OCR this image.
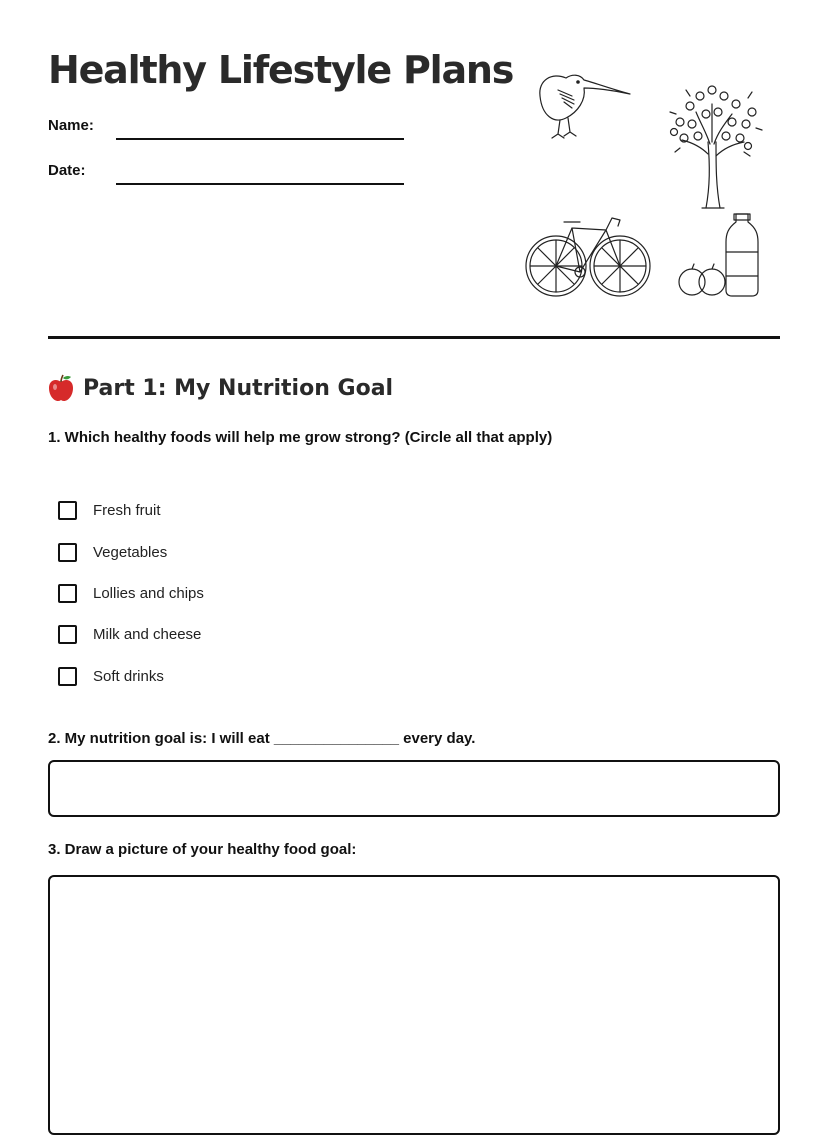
Healthy Lifestyle Plans
Name:
Date:
Part 1: My Nutrition Goal
1. Which healthy foods will help me grow strong? (Circle all that apply)
Fresh fruit
Vegetables
Lollies and chips
Milk and cheese
Soft drinks
2. My nutrition goal is: I will eat _______________ every day.
3. Draw a picture of your healthy food goal:
